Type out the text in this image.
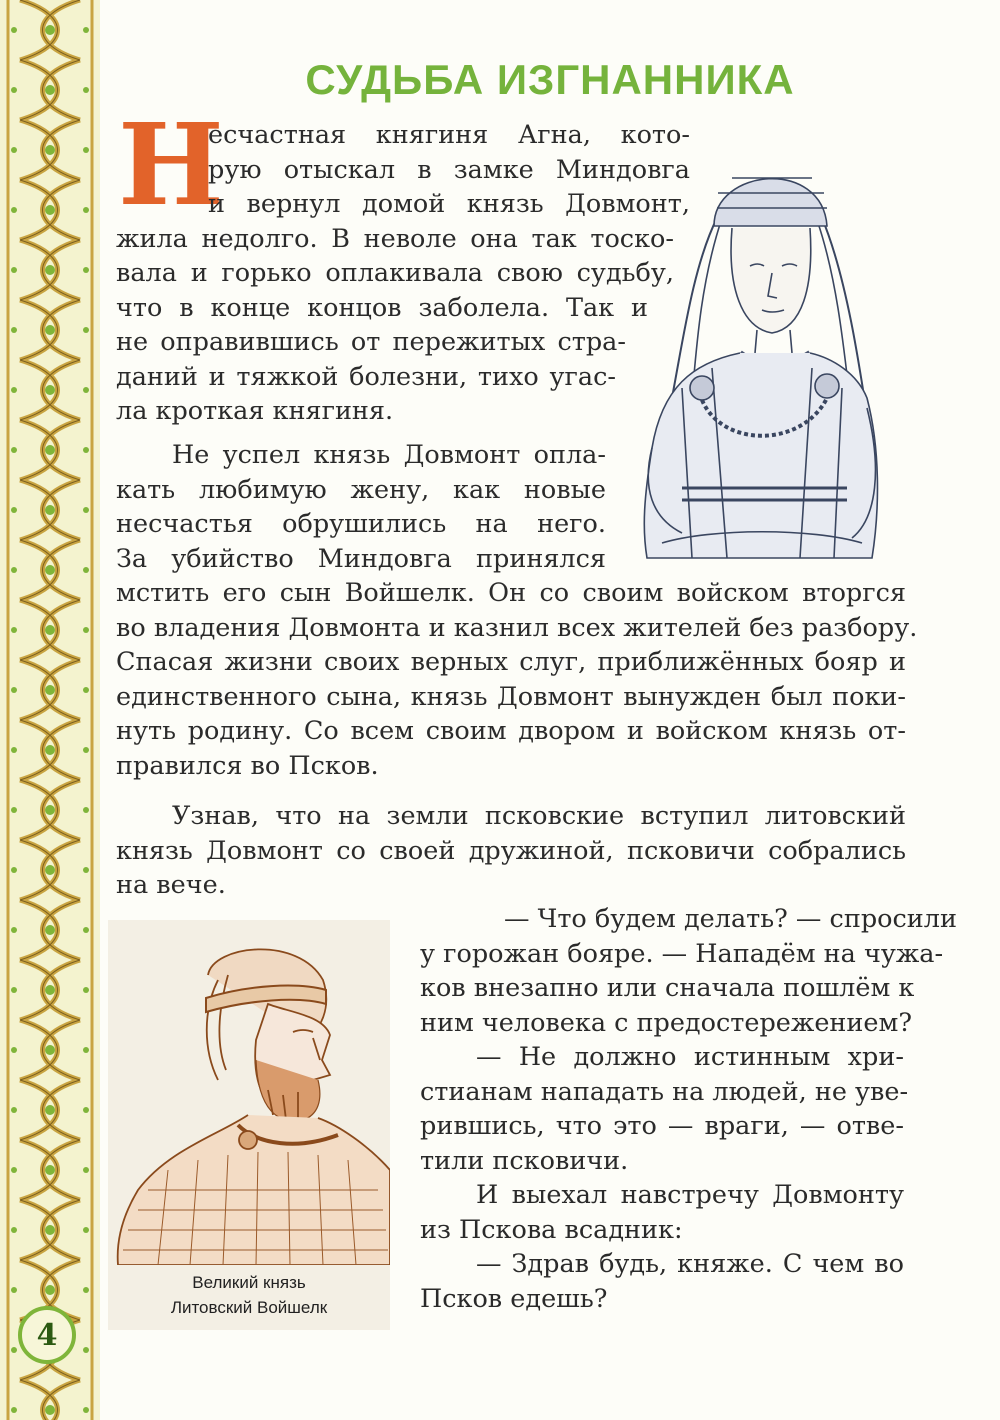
4
СУДЬБА ИЗГНАННИКА
Н
есчастная княгиня Агна, кото-
рую отыскал в замке Миндовга
и вернул домой князь Довмонт,
жила недолго. В неволе она так тоско-
вала и горько оплакивала свою судьбу,
что в конце концов заболела. Так и
не оправившись от пережитых стра-
даний и тяжкой болезни, тихо угас-
ла кроткая княгиня.
Не успел князь Довмонт опла-
кать любимую жену, как новые
несчастья обрушились на него.
За убийство Миндовга принялся
мстить его сын Войшелк. Он со своим войском вторгся
во владения Довмонта и казнил всех жителей без разбору.
Спасая жизни своих верных слуг, приближённых бояр и
единственного сына, князь Довмонт вынужден был поки-
нуть родину. Со всем своим двором и войском князь от-
правился во Псков.
Узнав, что на земли псковские вступил литовский
князь Довмонт со своей дружиной, псковичи собрались
на вече.
Великий князь
Литовский Войшелк
— Что будем делать? — спросили
у горожан бояре. — Нападём на чужа-
ков внезапно или сначала пошлём к
ним человека с предостережением?
— Не должно истинным хри-
стианам нападать на людей, не уве-
рившись, что это — враги, — отве-
тили псковичи.
И выехал навстречу Довмонту
из Пскова всадник:
— Здрав будь, княже. С чем во
Псков едешь?
